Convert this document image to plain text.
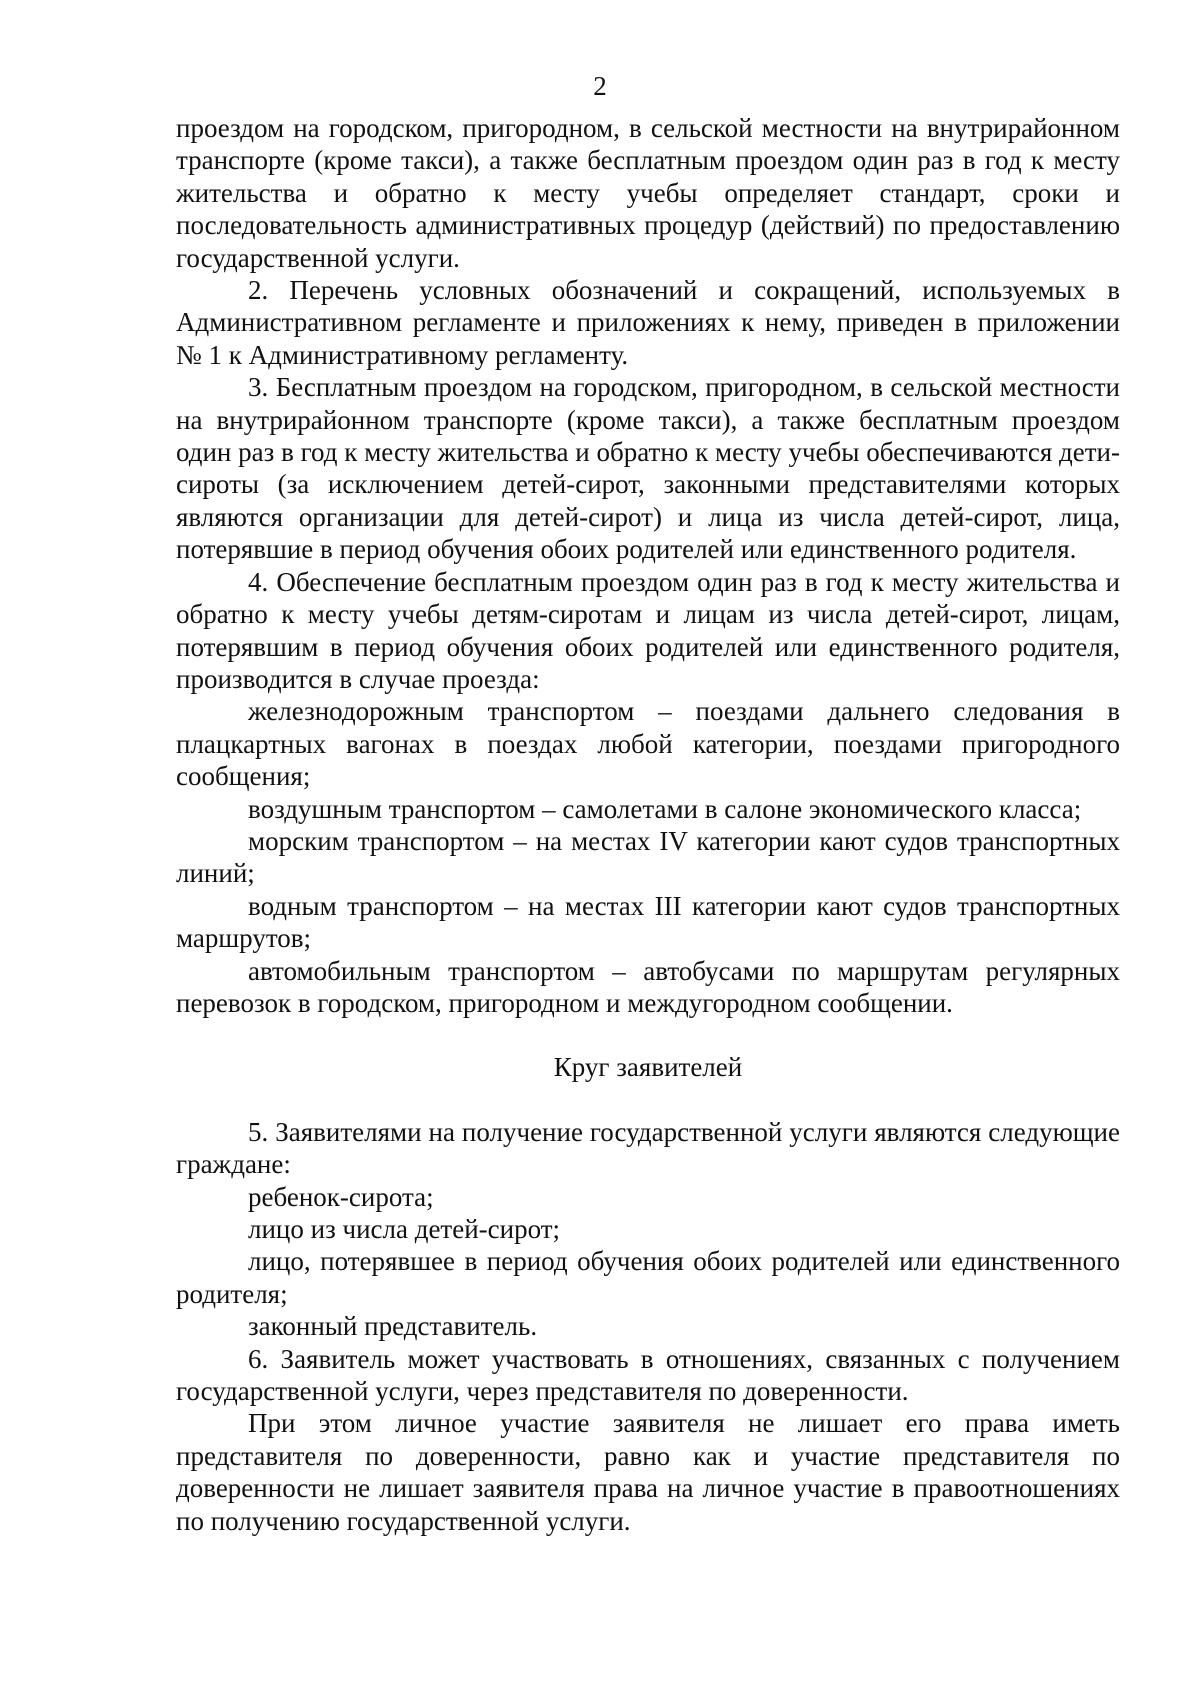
2

проездом на городском, пригородном, в сельской местности на внутрирайонном транспорте (кроме такси), а также бесплатным проездом один раз в год к месту жительства и обратно к месту учебы определяет стандарт, сроки и последовательность административных процедур (действий) по предоставлению государственной услуги.

2. Перечень условных обозначений и сокращений, используемых в Административном регламенте и приложениях к нему, приведен в приложении № 1 к Административному регламенту.

3. Бесплатным проездом на городском, пригородном, в сельской местности на внутрирайонном транспорте (кроме такси), а также бесплатным проездом один раз в год к месту жительства и обратно к месту учебы обеспечиваются дети-сироты (за исключением детей-сирот, законными представителями которых являются организации для детей-сирот) и лица из числа детей-сирот, лица, потерявшие в период обучения обоих родителей или единственного родителя.

4. Обеспечение бесплатным проездом один раз в год к месту жительства и обратно к месту учебы детям-сиротам и лицам из числа детей-сирот, лицам, потерявшим в период обучения обоих родителей или единственного родителя, производится в случае проезда:

железнодорожным транспортом – поездами дальнего следования в плацкартных вагонах в поездах любой категории, поездами пригородного сообщения;

воздушным транспортом – самолетами в салоне экономического класса;

морским транспортом – на местах IV категории кают судов транспортных линий;

водным транспортом – на местах III категории кают судов транспортных маршрутов;

автомобильным транспортом – автобусами по маршрутам регулярных перевозок в городском, пригородном и междугородном сообщении.

Круг заявителей

5. Заявителями на получение государственной услуги являются следующие граждане:

ребенок-сирота;

лицо из числа детей-сирот;

лицо, потерявшее в период обучения обоих родителей или единственного родителя;

законный представитель.

6. Заявитель может участвовать в отношениях, связанных с получением государственной услуги, через представителя по доверенности.

При этом личное участие заявителя не лишает его права иметь представителя по доверенности, равно как и участие представителя по доверенности не лишает заявителя права на личное участие в правоотношениях по получению государственной услуги.
